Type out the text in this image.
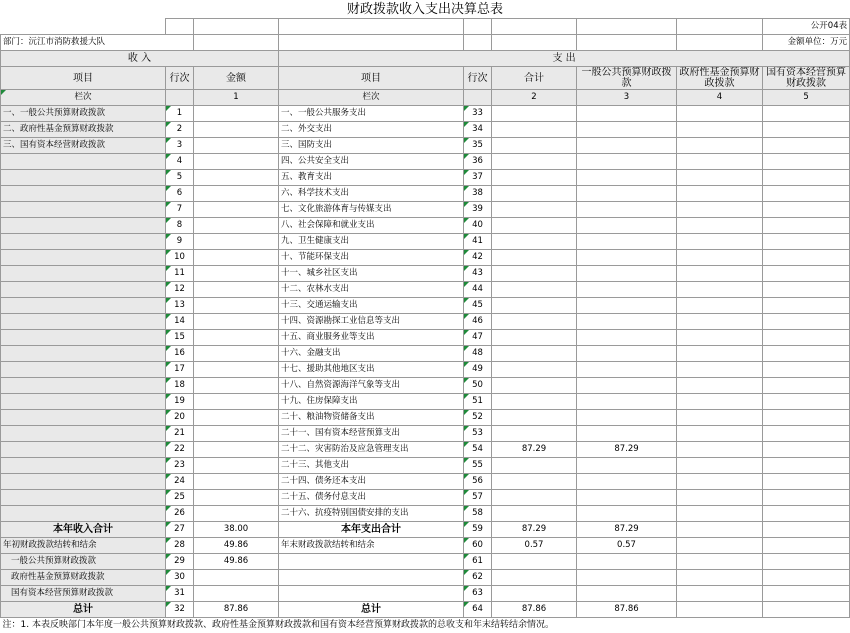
财政拨款收入支出决算总表								
								公开04表
部门：沅江市消防救援大队								金额单位：万元
收 入			支 出					
项目	行次	金额	项目	行次	合计	一般公共预算财政拨款	政府性基金预算财政拨款	国有资本经营预算财政拨款
栏次		1	栏次		2	3	4	5
一、一般公共预算财政拨款	1		一、一般公共服务支出	33				
二、政府性基金预算财政拨款	2		二、外交支出	34				
三、国有资本经营财政拨款	3		三、国防支出	35				
	4		四、公共安全支出	36				
	5		五、教育支出	37				
	6		六、科学技术支出	38				
	7		七、文化旅游体育与传媒支出	39				
	8		八、社会保障和就业支出	40				
	9		九、卫生健康支出	41				
	10		十、节能环保支出	42				
	11		十一、城乡社区支出	43				
	12		十二、农林水支出	44				
	13		十三、交通运输支出	45				
	14		十四、资源勘探工业信息等支出	46				
	15		十五、商业服务业等支出	47				
	16		十六、金融支出	48				
	17		十七、援助其他地区支出	49				
	18		十八、自然资源海洋气象等支出	50				
	19		十九、住房保障支出	51				
	20		二十、粮油物资储备支出	52				
	21		二十一、国有资本经营预算支出	53				
	22		二十二、灾害防治及应急管理支出	54	87.29	87.29		
	23		二十三、其他支出	55				
	24		二十四、债务还本支出	56				
	25		二十五、债务付息支出	57				
	26		二十六、抗疫特别国债安排的支出	58				
本年收入合计	27	38.00	本年支出合计	59	87.29	87.29		
年初财政拨款结转和结余	28	49.86	年末财政拨款结转和结余	60	0.57	0.57		
一般公共预算财政拨款	29	49.86		61				
政府性基金预算财政拨款	30			62				
国有资本经营预算财政拨款	31			63				
总计	32	87.86	总计	64	87.86	87.86		
注：1. 本表反映部门本年度一般公共预算财政拨款、政府性基金预算财政拨款和国有资本经营预算财政拨款的总收支和年末结转结余情况。								
